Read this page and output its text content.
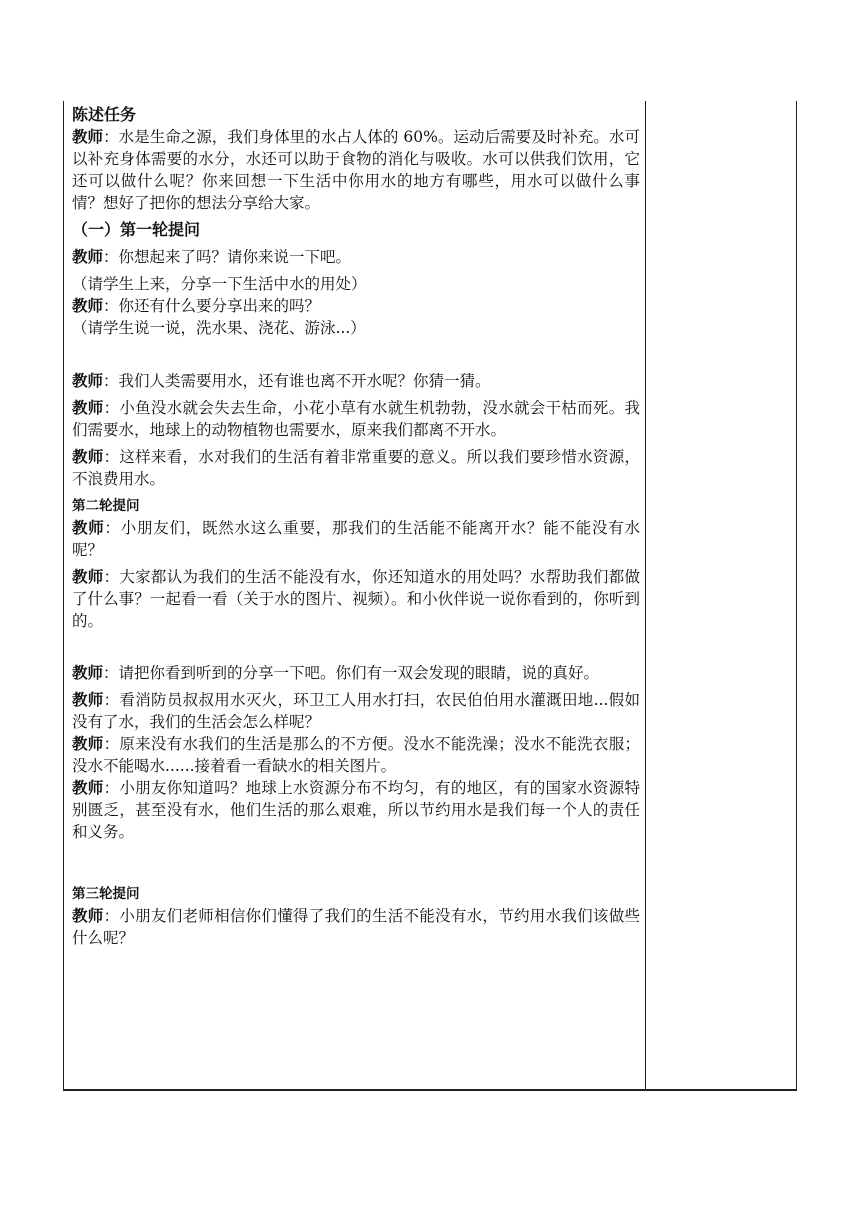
陈述任务

教师：水是生命之源，我们身体里的水占人体的 60%。运动后需要及时补充。水可以补充身体需要的水分，水还可以助于食物的消化与吸收。水可以供我们饮用，它还可以做什么呢？你来回想一下生活中你用水的地方有哪些，用水可以做什么事情？想好了把你的想法分享给大家。

（一）第一轮提问

教师：你想起来了吗？请你来说一下吧。

（请学生上来，分享一下生活中水的用处）

教师：你还有什么要分享出来的吗？

（请学生说一说，洗水果、浇花、游泳...）

教师：我们人类需要用水，还有谁也离不开水呢？你猜一猜。

教师：小鱼没水就会失去生命，小花小草有水就生机勃勃，没水就会干枯而死。我们需要水，地球上的动物植物也需要水，原来我们都离不开水。

教师：这样来看，水对我们的生活有着非常重要的意义。所以我们要珍惜水资源，不浪费用水。

第二轮提问

教师：小朋友们，既然水这么重要，那我们的生活能不能离开水？能不能没有水呢？

教师：大家都认为我们的生活不能没有水，你还知道水的用处吗？水帮助我们都做了什么事？一起看一看（关于水的图片、视频）。和小伙伴说一说你看到的，你听到的。

教师：请把你看到听到的分享一下吧。你们有一双会发现的眼睛，说的真好。

教师：看消防员叔叔用水灭火，环卫工人用水打扫，农民伯伯用水灌溉田地...假如没有了水，我们的生活会怎么样呢？

教师：原来没有水我们的生活是那么的不方便。没水不能洗澡；没水不能洗衣服；没水不能喝水......接着看一看缺水的相关图片。

教师：小朋友你知道吗？地球上水资源分布不均匀，有的地区，有的国家水资源特别匮乏，甚至没有水，他们生活的那么艰难，所以节约用水是我们每一个人的责任和义务。

第三轮提问

教师：小朋友们老师相信你们懂得了我们的生活不能没有水，节约用水我们该做些什么呢？
